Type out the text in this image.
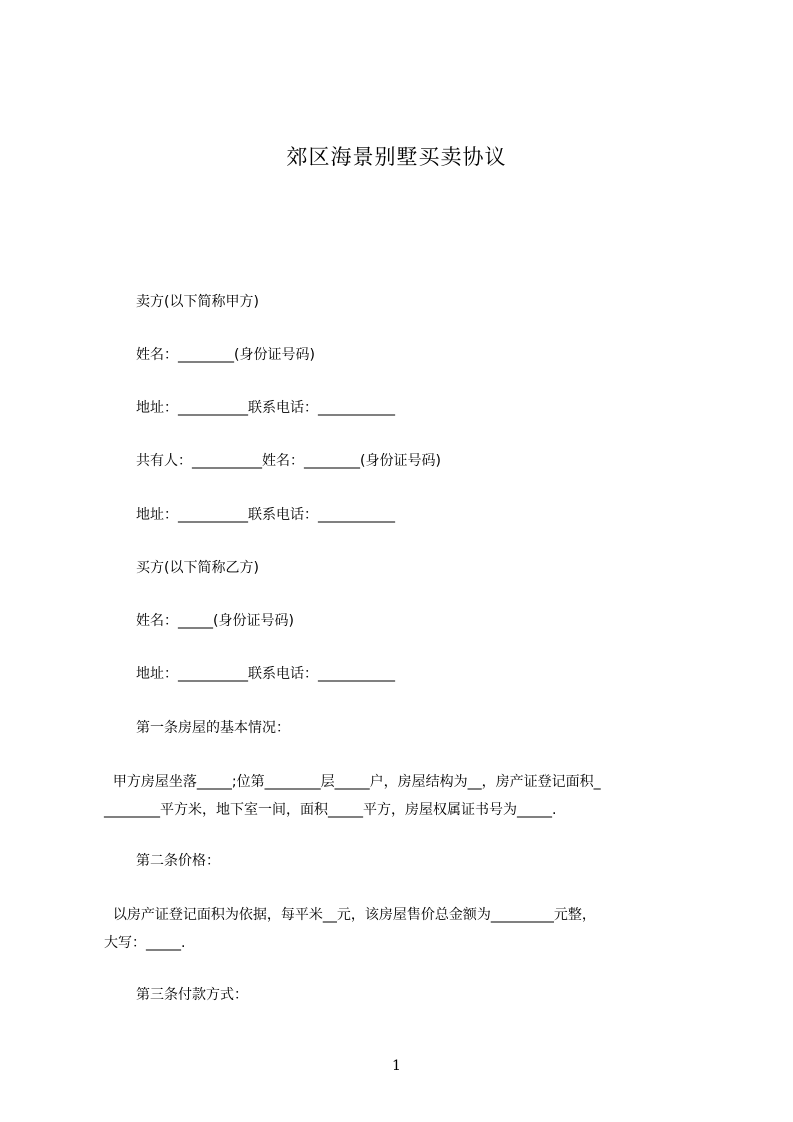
郊区海景别墅买卖协议
卖方(以下简称甲方)
姓名：________(身份证号码)
地址：__________联系电话：___________
共有人：__________姓名：________(身份证号码)
地址：__________联系电话：___________
买方(以下简称乙方)
姓名：_____(身份证号码)
地址：__________联系电话：___________
第一条房屋的基本情况：
甲方房屋坐落_____;位第________层_____户，房屋结构为__，房产证登记面积_
________平方米，地下室一间，面积_____平方，房屋权属证书号为_____.
第二条价格：
以房产证登记面积为依据，每平米__元，该房屋售价总金额为_________元整，
大写：_____.
第三条付款方式：
1
